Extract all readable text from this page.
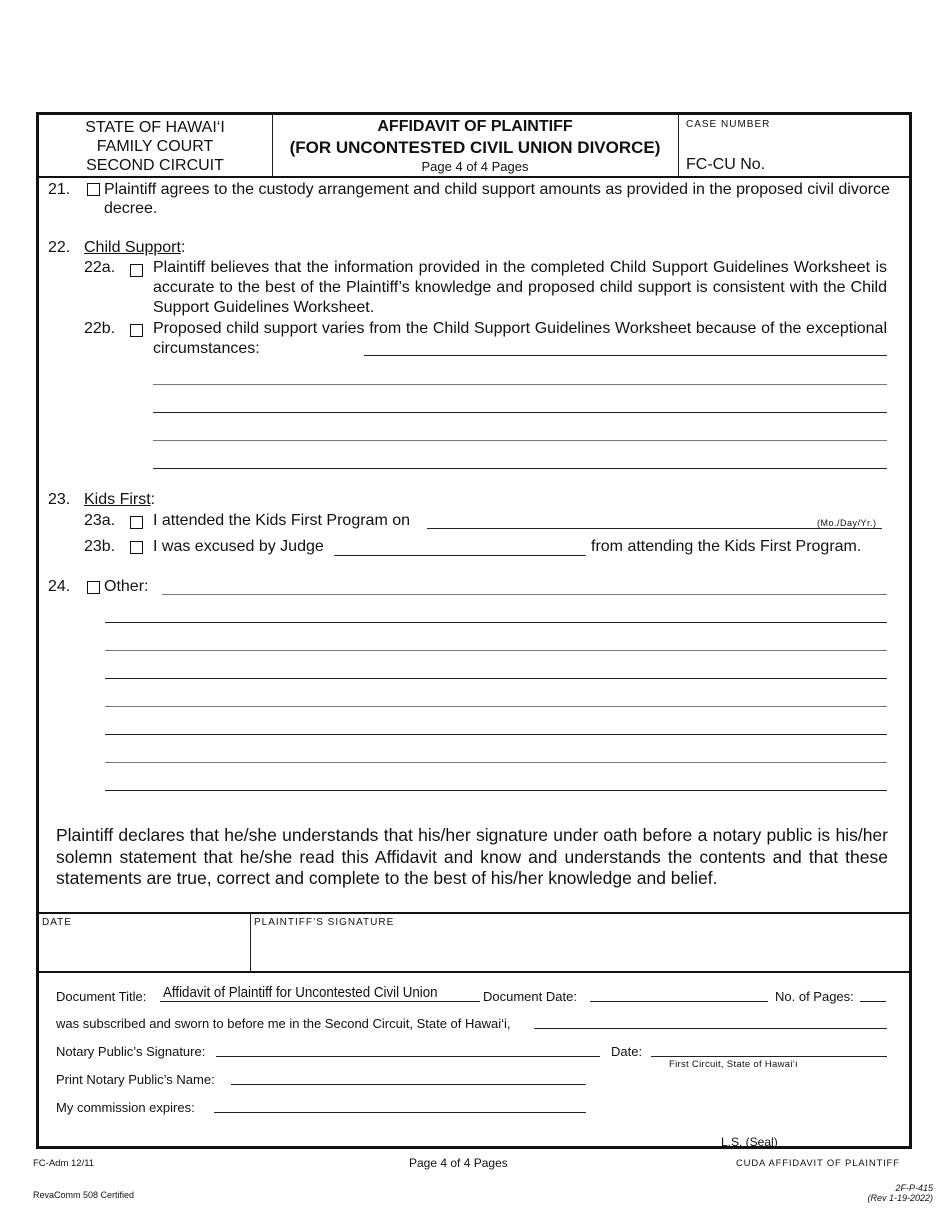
STATE OF HAWAI‘I
FAMILY COURT
SECOND CIRCUIT
AFFIDAVIT OF PLAINTIFF
(FOR UNCONTESTED CIVIL UNION DIVORCE)
Page 4 of 4 Pages
CASE NUMBER
FC-CU No.
21. Plaintiff agrees to the custody arrangement and child support amounts as provided in the proposed civil divorce decree.
22. Child Support:
22a. Plaintiff believes that the information provided in the completed Child Support Guidelines Worksheet is accurate to the best of the Plaintiff’s knowledge and proposed child support is consistent with the Child Support Guidelines Worksheet.
22b. Proposed child support varies from the Child Support Guidelines Worksheet because of the exceptional circumstances:
23. Kids First:
23a. I attended the Kids First Program on	(Mo./Day/Yr.)
23b. I was excused by Judge	from attending the Kids First Program.
24. Other:
Plaintiff declares that he/she understands that his/her signature under oath before a notary public is his/her solemn statement that he/she read this Affidavit and know and understands the contents and that these statements are true, correct and complete to the best of his/her knowledge and belief.
DATE	PLAINTIFF’S SIGNATURE
Document Title: Affidavit of Plaintiff for Uncontested Civil Union	Document Date:	No. of Pages:
was subscribed and sworn to before me in the Second Circuit, State of Hawai‘i,
Notary Public’s Signature:	Date:
First Circuit, State of Hawai‘i
Print Notary Public’s Name:
My commission expires:
L.S. (Seal)
FC-Adm 12/11	Page 4 of 4 Pages	CUDA AFFIDAVIT OF PLAINTIFF
RevaComm 508 Certified
2F-P-415
(Rev 1-19-2022)
